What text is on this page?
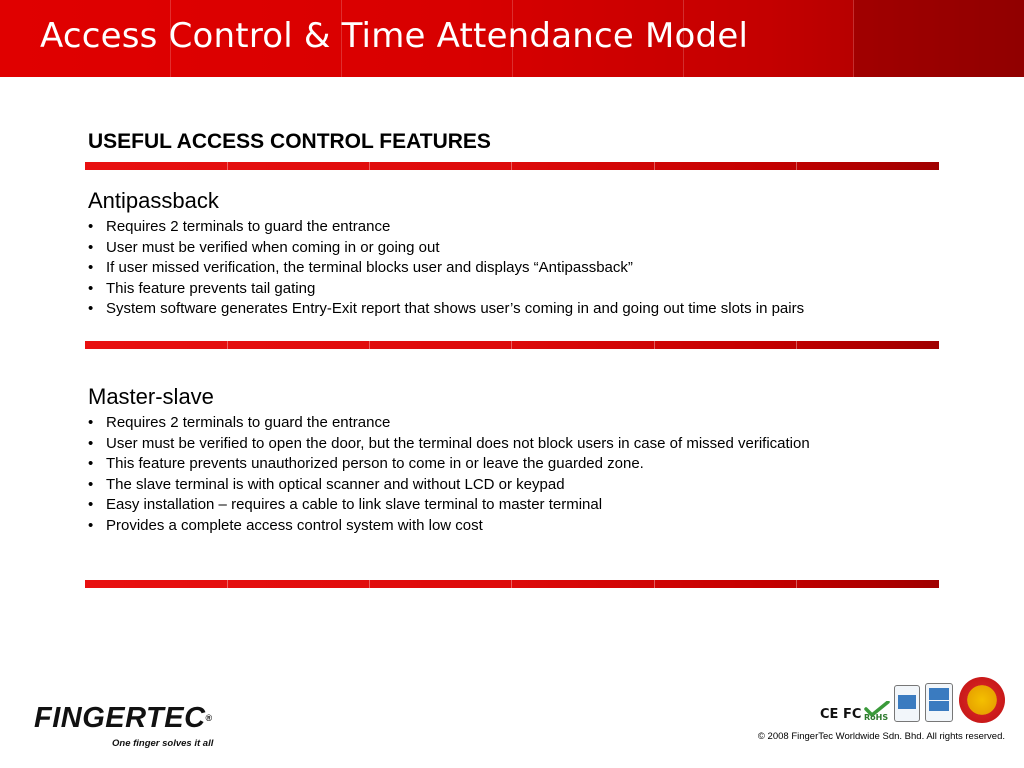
Access Control & Time Attendance Model
USEFUL ACCESS CONTROL FEATURES
Antipassback
• Requires 2 terminals to guard the entrance
• User must be verified when coming in or going out
• If user missed verification, the terminal blocks user and displays “Antipassback”
• This feature prevents tail gating
• System software generates Entry-Exit report that shows user’s coming in and going out time slots in pairs
Master-slave
• Requires 2 terminals to guard the entrance
• User must be verified to open the door, but the terminal does not block users in case of missed verification
• This feature prevents unauthorized person to come in or leave the guarded zone.
• The slave terminal is with optical scanner and without LCD or keypad
• Easy installation – requires a cable to link slave terminal to master terminal
• Provides a complete access control system with low cost
FINGERTEC®
One finger solves it all
CE FC RoHS
© 2008 FingerTec Worldwide Sdn. Bhd. All rights reserved.
